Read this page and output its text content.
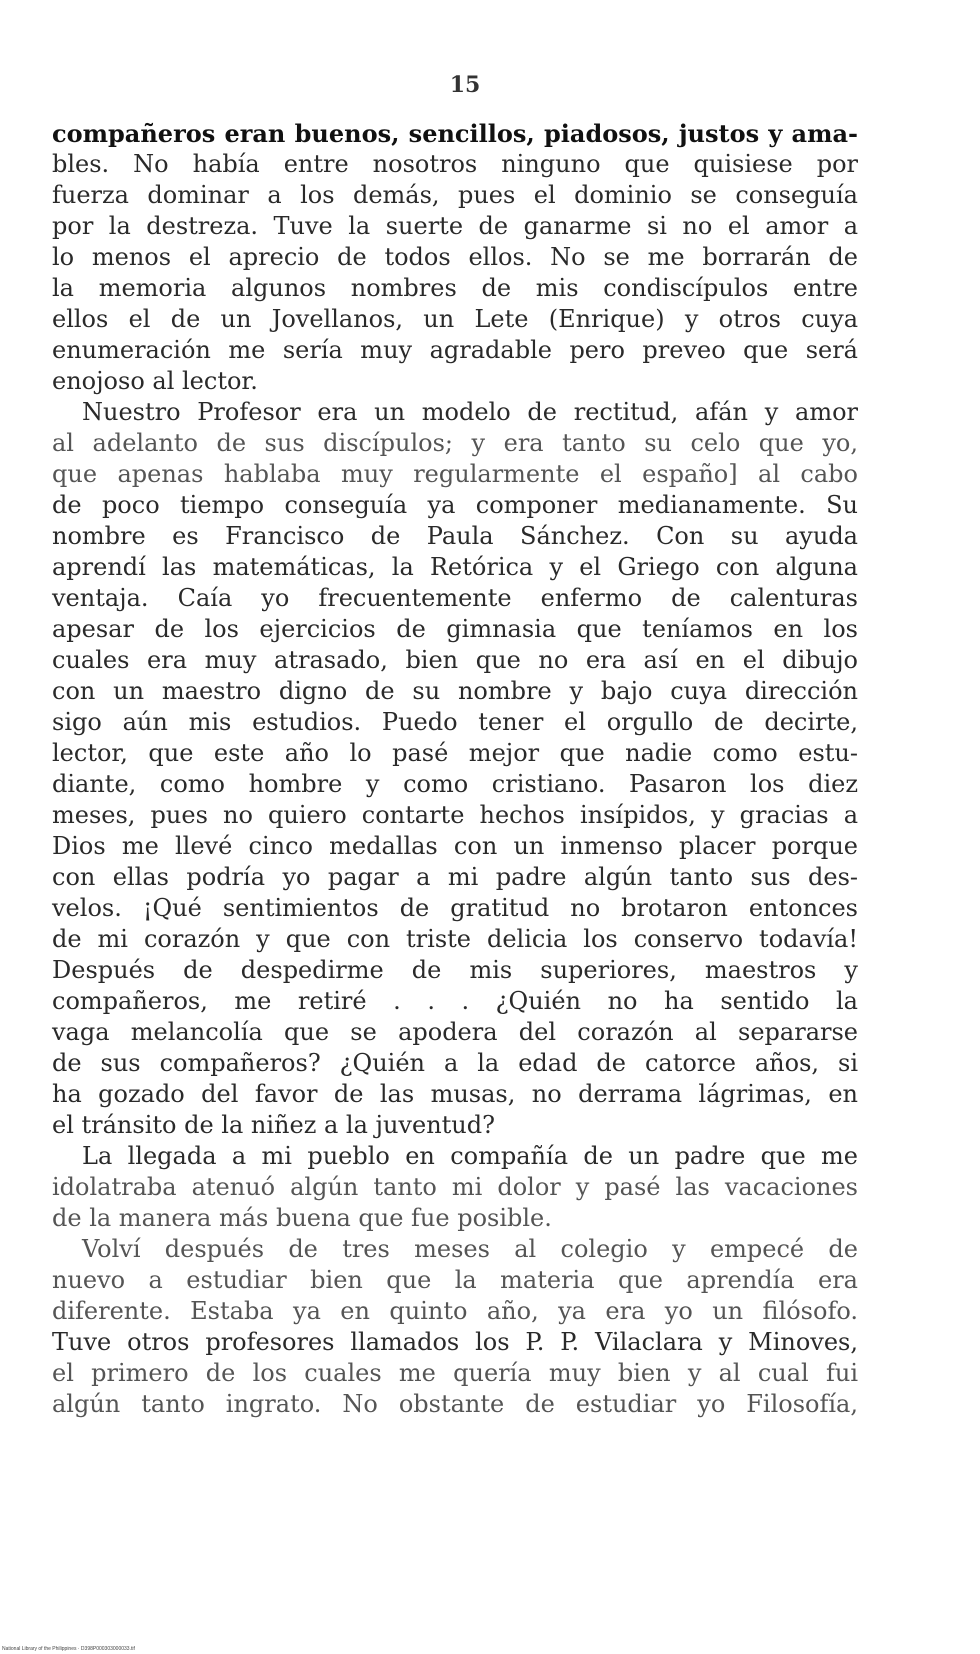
15
compañeros eran buenos, sencillos, piadosos, justos y ama-
bles. No había entre nosotros ninguno que quisiese por
fuerza dominar a los demás, pues el dominio se conseguía
por la destreza. Tuve la suerte de ganarme si no el amor a
lo menos el aprecio de todos ellos. No se me borrarán de
la memoria algunos nombres de mis condiscípulos entre
ellos el de un Jovellanos, un Lete (Enrique) y otros cuya
enumeración me sería muy agradable pero preveo que será
enojoso al lector.
Nuestro Profesor era un modelo de rectitud, afán y amor
al adelanto de sus discípulos; y era tanto su celo que yo,
que apenas hablaba muy regularmente el españo] al cabo
de poco tiempo conseguía ya componer medianamente. Su
nombre es Francisco de Paula Sánchez. Con su ayuda
aprendí las matemáticas, la Retórica y el Griego con alguna
ventaja. Caía yo frecuentemente enfermo de calenturas
apesar de los ejercicios de gimnasia que teníamos en los
cuales era muy atrasado, bien que no era así en el dibujo
con un maestro digno de su nombre y bajo cuya dirección
sigo aún mis estudios. Puedo tener el orgullo de decirte,
lector, que este año lo pasé mejor que nadie como estu-
diante, como hombre y como cristiano. Pasaron los diez
meses, pues no quiero contarte hechos insípidos, y gracias a
Dios me llevé cinco medallas con un inmenso placer porque
con ellas podría yo pagar a mi padre algún tanto sus des-
velos. ¡Qué sentimientos de gratitud no brotaron entonces
de mi corazón y que con triste delicia los conservo todavía!
Después de despedirme de mis superiores, maestros y
compañeros, me retiré . . . ¿Quién no ha sentido la
vaga melancolía que se apodera del corazón al separarse
de sus compañeros? ¿Quién a la edad de catorce años, si
ha gozado del favor de las musas, no derrama lágrimas, en
el tránsito de la niñez a la juventud?
La llegada a mi pueblo en compañía de un padre que me
idolatraba atenuó algún tanto mi dolor y pasé las vacaciones
de la manera más buena que fue posible.
Volví después de tres meses al colegio y empecé de
nuevo a estudiar bien que la materia que aprendía era
diferente. Estaba ya en quinto año, ya era yo un filósofo.
Tuve otros profesores llamados los P. P. Vilaclara y Minoves,
el primero de los cuales me quería muy bien y al cual fui
algún tanto ingrato. No obstante de estudiar yo Filosofía,
National Library of the Philippines · D398P000303000033.tif
